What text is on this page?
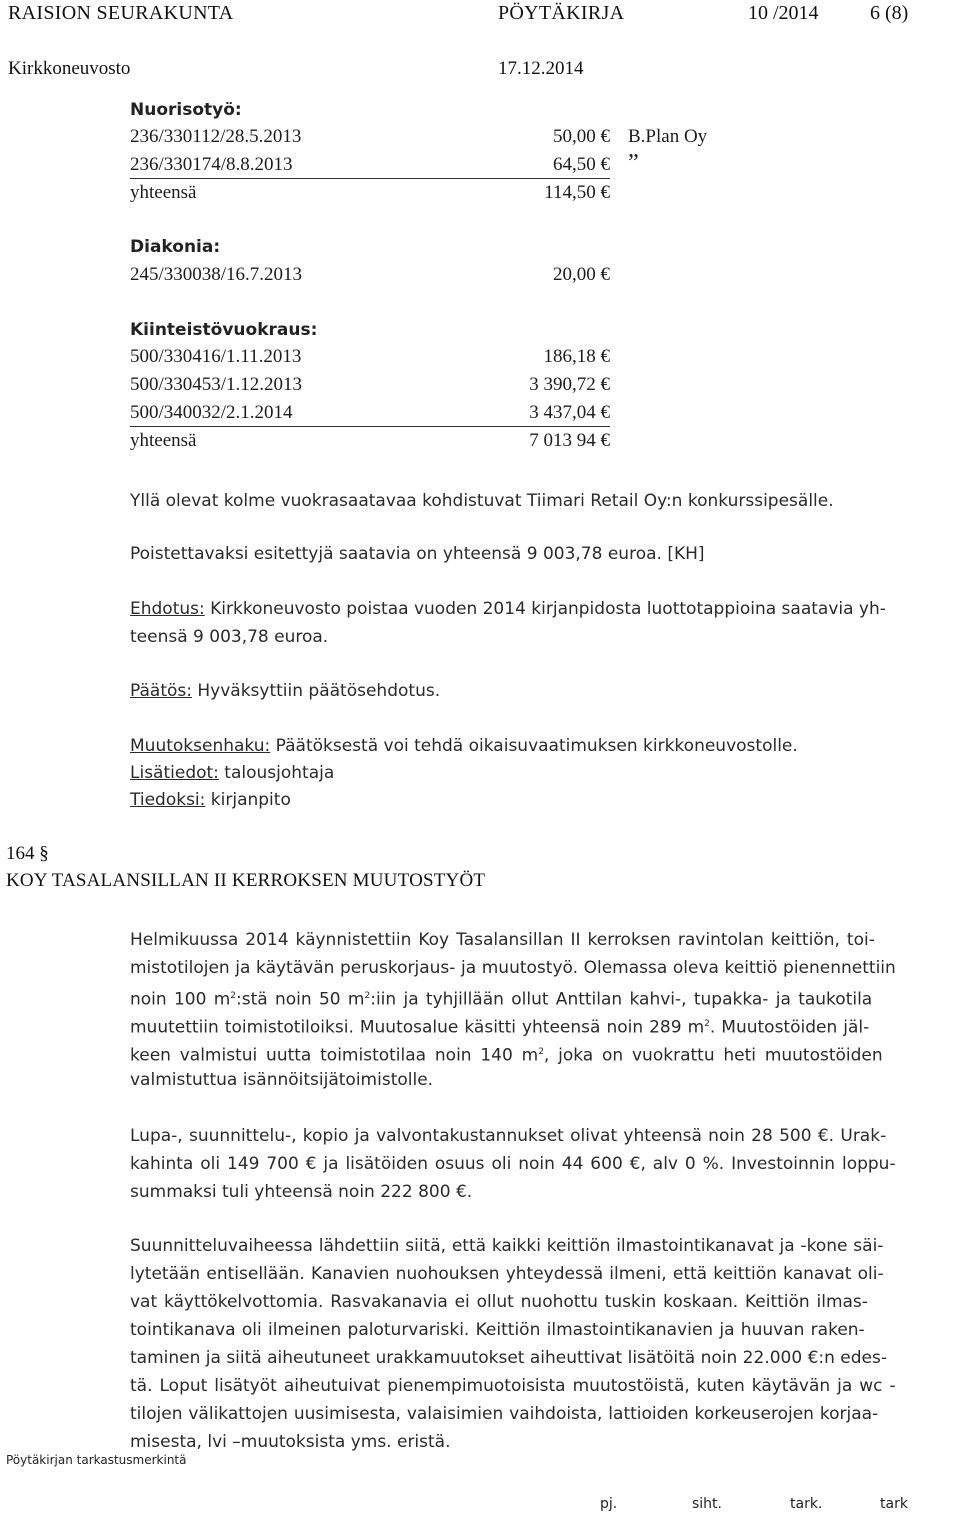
RAISION SEURAKUNTA	PÖYTÄKIRJA	10 /2014	6 (8)
Kirkkoneuvosto	17.12.2014
Nuorisotyö:
236/330112/28.5.2013	50,00 € B.Plan Oy
236/330174/8.8.2013	64,50 € ”
yhteensä	114,50 €
Diakonia:
245/330038/16.7.2013	20,00 €
Kiinteistövuokraus:
500/330416/1.11.2013	186,18 €
500/330453/1.12.2013	3 390,72 €
500/340032/2.1.2014	3 437,04 €
yhteensä	7 013 94 €
Yllä olevat kolme vuokrasaatavaa kohdistuvat Tiimari Retail Oy:n konkurssipesälle.
Poistettavaksi esitettyjä saatavia on yhteensä 9 003,78 euroa. [KH]
Ehdotus: Kirkkoneuvosto poistaa vuoden 2014 kirjanpidosta luottotappioina saatavia yh-
teensä 9 003,78 euroa.
Päätös: Hyväksyttiin päätösehdotus.
Muutoksenhaku: Päätöksestä voi tehdä oikaisuvaatimuksen kirkkoneuvostolle.
Lisätiedot: talousjohtaja
Tiedoksi: kirjanpito
164 §
KOY TASALANSILLAN II KERROKSEN MUUTOSTYÖT
Helmikuussa 2014 käynnistettiin Koy Tasalansillan II kerroksen ravintolan keittiön, toi-
mistotilojen ja käytävän peruskorjaus- ja muutostyö. Olemassa oleva keittiö pienennettiin
noin 100 $m^2:stä$ noin 50 $m^2:iin$ ja tyhjillään ollut Anttilan kahvi-, tupakka- ja taukotila
muutettiin toimistotiloiksi. Muutosalue käsitti yhteensä noin 289 $m^2$. Muutostöiden jäl-
keen valmistui uutta toimistotilaa noin 140 $m^2$, joka on vuokrattu heti muutostöiden
valmistuttua isännöitsijätoimistolle.
Lupa-, suunnittelu-, kopio ja valvontakustannukset olivat yhteensä noin 28 500 €. Urak-
kahinta oli 149 700 € ja lisätöiden osuus oli noin 44 600 €, alv 0 %. Investoinnin loppu-
summaksi tuli yhteensä noin 222 800 €.
Suunnitteluvaiheessa lähdettiin siitä, että kaikki keittiön ilmastointikanavat ja -kone säi-
lytetään entisellään. Kanavien nuohouksen yhteydessä ilmeni, että keittiön kanavat oli-
vat käyttökelvottomia. Rasvakanavia ei ollut nuohottu tuskin koskaan. Keittiön ilmas-
tointikanava oli ilmeinen paloturvariski. Keittiön ilmastointikanavien ja huuvan raken-
taminen ja siitä aiheutuneet urakkamuutokset aiheuttivat lisätöitä noin 22.000 €:n edes-
tä. Loput lisätyöt aiheutuivat pienempimuotoisista muutostöistä, kuten käytävän ja wc -
tilojen välikattojen uusimisesta, valaisimien vaihdoista, lattioiden korkeuserojen korjaa-
misesta, lvi –muutoksista yms. eristä.
Pöytäkirjan tarkastusmerkintä
pj.	siht.	tark.	tark
